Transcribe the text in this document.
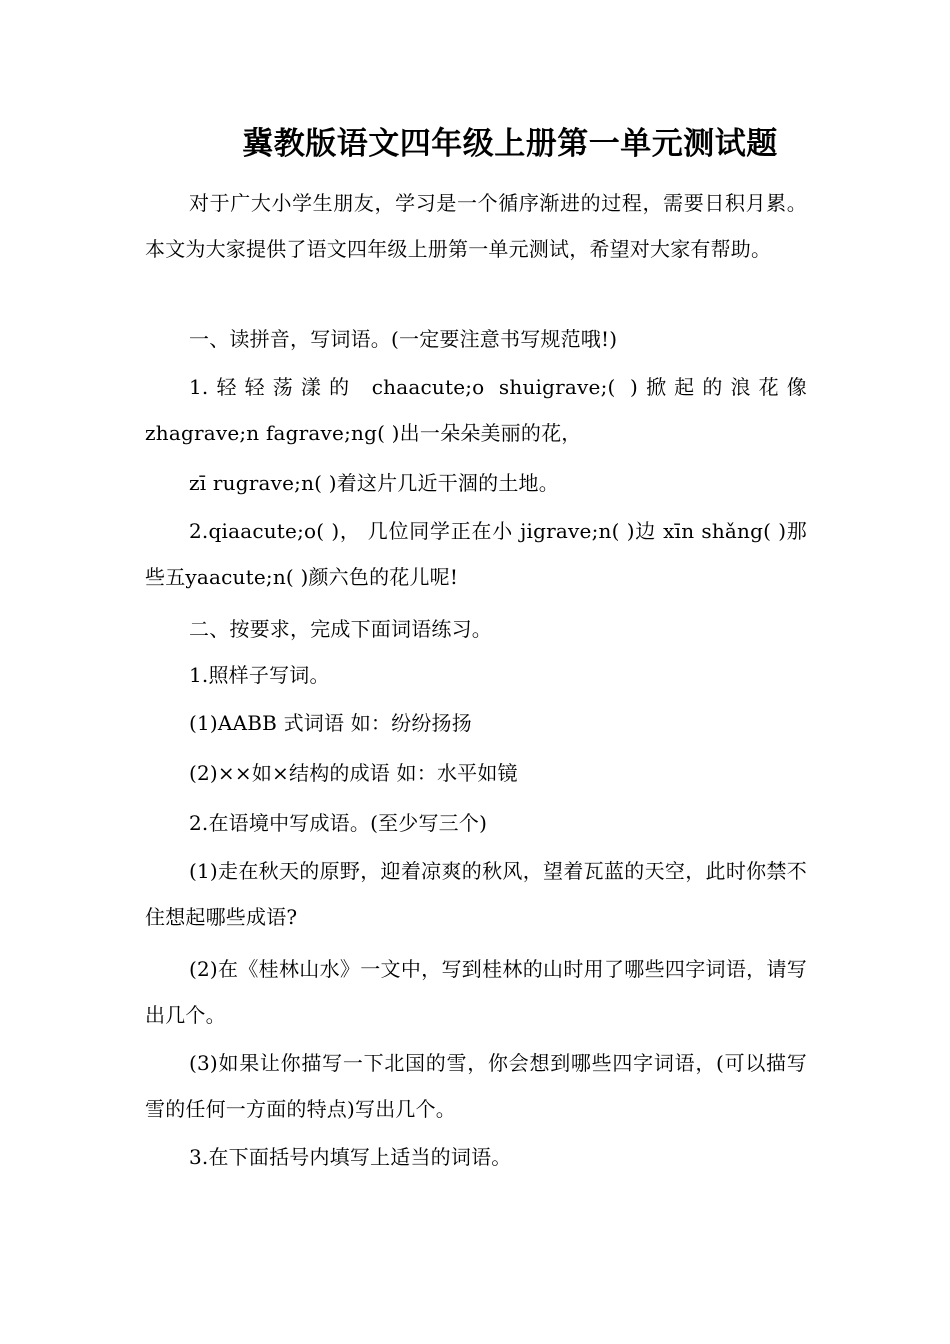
冀教版语文四年级上册第一单元测试题

对于广大小学生朋友，学习是一个循序渐进的过程，需要日积月累。本文为大家提供了语文四年级上册第一单元测试，希望对大家有帮助。

一、读拼音，写词语。(一定要注意书写规范哦!)

1.轻轻荡漾的 chaacute;o shuigrave;( )掀起的浪花像 zhagrave;n fagrave;ng( )出一朵朵美丽的花，

zī rugrave;n( )着这片几近干涸的土地。

2.qiaacute;o( )， 几位同学正在小 jigrave;n( )边 xīn shǎng( )那些五yaacute;n( )颜六色的花儿呢!

二、按要求，完成下面词语练习。

1.照样子写词。

(1)AABB 式词语 如：纷纷扬扬

(2)××如×结构的成语 如：水平如镜

2.在语境中写成语。(至少写三个)

(1)走在秋天的原野，迎着凉爽的秋风，望着瓦蓝的天空，此时你禁不住想起哪些成语?

(2)在《桂林山水》一文中，写到桂林的山时用了哪些四字词语，请写出几个。

(3)如果让你描写一下北国的雪，你会想到哪些四字词语，(可以描写雪的任何一方面的特点)写出几个。

3.在下面括号内填写上适当的词语。
